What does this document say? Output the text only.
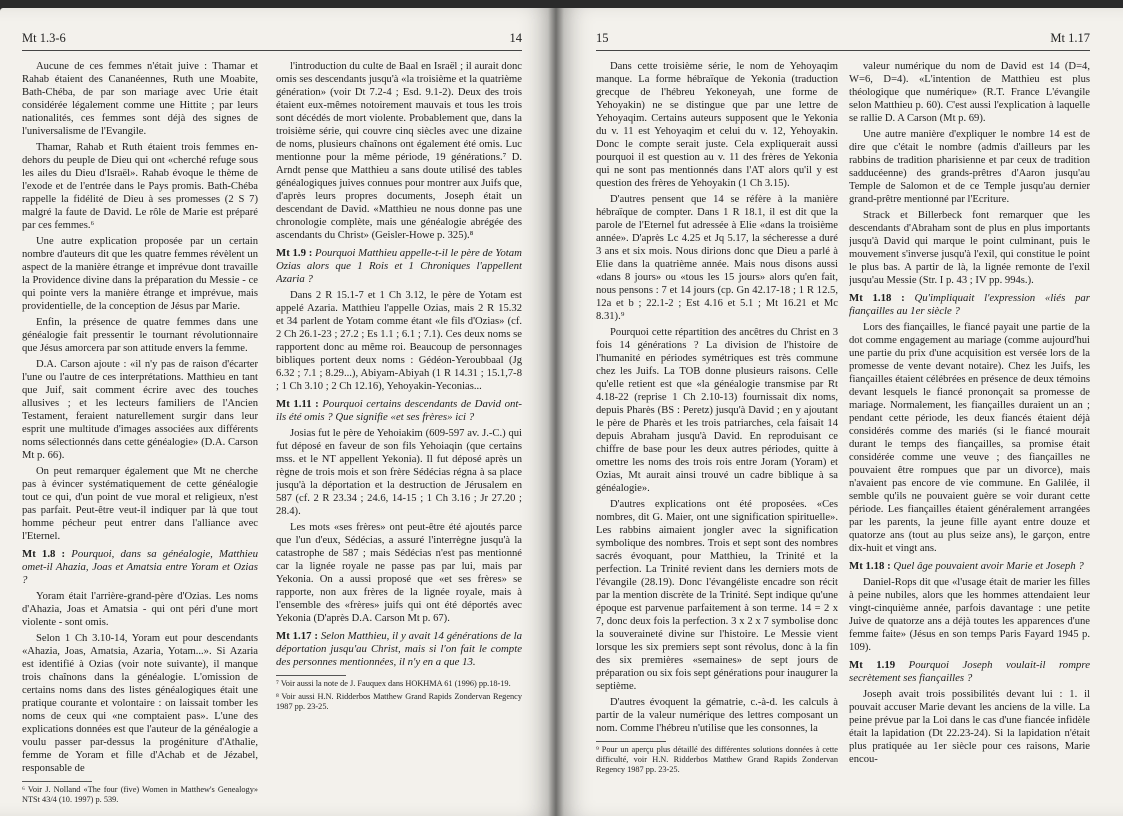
Mt 1.3-6	14	15	Mt 1.17

Aucune de ces femmes n'était juive : Thamar et Rahab étaient des Cananéennes, Ruth une Moabite, Bath-Chéba, de par son mariage avec Urie était considérée légalement comme une Hittite ; par leurs nationalités, ces femmes sont déjà des signes de l'universalisme de l'Evangile.

Thamar, Rahab et Ruth étaient trois femmes en-dehors du peuple de Dieu qui ont «cherché refuge sous les ailes du Dieu d'Israël». Rahab évoque le thème de l'exode et de l'entrée dans le Pays promis. Bath-Chéba rappelle la fidélité de Dieu à ses promesses (2 S 7) malgré la faute de David. Le rôle de Marie est préparé par ces femmes.⁶

Une autre explication proposée par un certain nombre d'auteurs dit que les quatre femmes révèlent un aspect de la manière étrange et imprévue dont travaille la Providence divine dans la préparation du Messie - ce qui pointe vers la manière étrange et imprévue, mais providentielle, de la conception de Jésus par Marie.

Enfin, la présence de quatre femmes dans une généalogie fait pressentir le tournant révolutionnaire que Jésus amorcera par son attitude envers la femme.

D.A. Carson ajoute : «il n'y pas de raison d'écarter l'une ou l'autre de ces interprétations. Matthieu en tant que Juif, sait comment écrire avec des touches allusives ; et les lecteurs familiers de l'Ancien Testament, feraient naturellement surgir dans leur esprit une multitude d'images associées aux différents noms sélectionnés dans cette généalogie» (D.A. Carson Mt p. 66).

On peut remarquer également que Mt ne cherche pas à évincer systématiquement de cette généalogie tout ce qui, d'un point de vue moral et religieux, n'est pas parfait. Peut-être veut-il indiquer par là que tout homme pécheur peut entrer dans l'alliance avec l'Eternel.

Mt 1.8 : Pourquoi, dans sa généalogie, Matthieu omet-il Ahazia, Joas et Amatsia entre Yoram et Ozias ?

Yoram était l'arrière-grand-père d'Ozias. Les noms d'Ahazia, Joas et Amatsia - qui ont péri d'une mort violente - sont omis.

Selon 1 Ch 3.10-14, Yoram eut pour descendants «Ahazia, Joas, Amatsia, Azaria, Yotam...». Si Azaria est identifié à Ozias (voir note suivante), il manque trois chaînons dans la généalogie. L'omission de certains noms dans des listes généalogiques était une pratique courante et volontaire : on laissait tomber les noms de ceux qui «ne comptaient pas». L'une des explications données est que l'auteur de la généalogie a voulu passer par-dessus la progéniture d'Athalie, femme de Yoram et fille d'Achab et de Jézabel, responsable de

⁶ Voir J. Nolland «The four (five) Women in Matthew's Genealogy» NTSt 43/4 (10. 1997) p. 539.

l'introduction du culte de Baal en Israël ; il aurait donc omis ses descendants jusqu'à «la troisième et la quatrième génération» (voir Dt 7.2-4 ; Esd. 9.1-2). Deux des trois étaient eux-mêmes notoirement mauvais et tous les trois sont décédés de mort violente. Probablement que, dans la troisième série, qui couvre cinq siècles avec une dizaine de noms, plusieurs chaînons ont également été omis. Luc mentionne pour la même période, 19 générations.⁷ D. Arndt pense que Matthieu a sans doute utilisé des tables généalogiques juives connues pour montrer aux Juifs que, d'après leurs propres documents, Joseph était un descendant de David. «Matthieu ne nous donne pas une chronologie complète, mais une généalogie abrégée des ascendants du Christ» (Geisler-Howe p. 325).⁸

Mt 1.9 : Pourquoi Matthieu appelle-t-il le père de Yotam Ozias alors que 1 Rois et 1 Chroniques l'appellent Azaria ?

Dans 2 R 15.1-7 et 1 Ch 3.12, le père de Yotam est appelé Azaria. Matthieu l'appelle Ozias, mais 2 R 15.32 et 34 parlent de Yotam comme étant «le fils d'Ozias» (cf. 2 Ch 26.1-23 ; 27.2 ; Es 1.1 ; 6.1 ; 7.1). Ces deux noms se rapportent donc au même roi. Beaucoup de personnages bibliques portent deux noms : Gédéon-Yeroubbaal (Jg 6.32 ; 7.1 ; 8.29...), Abiyam-Abiyah (1 R 14.31 ; 15.1,7-8 ; 1 Ch 3.10 ; 2 Ch 12.16), Yehoyakin-Yeconias...

Mt 1.11 : Pourquoi certains descendants de David ont-ils été omis ? Que signifie «et ses frères» ici ?

Josias fut le père de Yehoiakim (609-597 av. J.-C.) qui fut déposé en faveur de son fils Yehoiaqin (que certains mss. et le NT appellent Yekonia). Il fut déposé après un règne de trois mois et son frère Sédécias régna à sa place jusqu'à la déportation et la destruction de Jérusalem en 587 (cf. 2 R 23.34 ; 24.6, 14-15 ; 1 Ch 3.16 ; Jr 27.20 ; 28.4).

Les mots «ses frères» ont peut-être été ajoutés parce que l'un d'eux, Sédécias, a assuré l'interrègne jusqu'à la catastrophe de 587 ; mais Sédécias n'est pas mentionné car la lignée royale ne passe pas par lui, mais par Yekonia. On a aussi proposé que «et ses frères» se rapporte, non aux frères de la lignée royale, mais à l'ensemble des «frères» juifs qui ont été déportés avec Yekonia (D'après D.A. Carson Mt p. 67).

Mt 1.17 : Selon Matthieu, il y avait 14 générations de la déportation jusqu'au Christ, mais si l'on fait le compte des personnes mentionnées, il n'y en a que 13.

⁷ Voir aussi la note de J. Fauquex dans HOKHMA 61 (1996) pp.18-19.

⁸ Voir aussi H.N. Ridderbos Matthew Grand Rapids Zondervan Regency 1987 pp. 23-25.

Dans cette troisième série, le nom de Yehoyaqim manque. La forme hébraïque de Yekonia (traduction grecque de l'hébreu Yekoneyah, une forme de Yehoyakin) ne se distingue que par une lettre de Yehoyaqim. Certains auteurs supposent que le Yekonia du v. 11 est Yehoyaqim et celui du v. 12, Yehoyakin. Donc le compte serait juste. Cela expliquerait aussi pourquoi il est question au v. 11 des frères de Yekonia qui ne sont pas mentionnés dans l'AT alors qu'il y est question des frères de Yehoyakin (1 Ch 3.15).

D'autres pensent que 14 se réfère à la manière hébraïque de compter. Dans 1 R 18.1, il est dit que la parole de l'Eternel fut adressée à Elie «dans la troisième année». D'après Lc 4.25 et Jq 5.17, la sécheresse a duré 3 ans et six mois. Nous dirions donc que Dieu a parlé à Elie dans la quatrième année. Mais nous disons aussi «dans 8 jours» ou «tous les 15 jours» alors qu'en fait, nous pensons : 7 et 14 jours (cp. Gn 42.17-18 ; 1 R 12.5, 12a et b ; 22.1-2 ; Est 4.16 et 5.1 ; Mt 16.21 et Mc 8.31).⁹

Pourquoi cette répartition des ancêtres du Christ en 3 fois 14 générations ? La division de l'histoire de l'humanité en périodes symétriques est très commune chez les Juifs. La TOB donne plusieurs raisons. Celle qu'elle retient est que «la généalogie transmise par Rt 4.18-22 (reprise 1 Ch 2.10-13) fournissait dix noms, depuis Pharès (BS : Peretz) jusqu'à David ; en y ajoutant le père de Pharès et les trois patriarches, cela faisait 14 depuis Abraham jusqu'à David. En reproduisant ce chiffre de base pour les deux autres périodes, quitte à omettre les noms des trois rois entre Joram (Yoram) et Ozias, Mt aurait ainsi trouvé un cadre biblique à sa généalogie».

D'autres explications ont été proposées. «Ces nombres, dit G. Maier, ont une signification spirituelle». Les rabbins aimaient jongler avec la signification symbolique des nombres. Trois et sept sont des nombres sacrés évoquant, pour Matthieu, la Trinité et la perfection. La Trinité revient dans les derniers mots de l'évangile (28.19). Donc l'évangéliste encadre son récit par la mention discrète de la Trinité. Sept indique qu'une époque est parvenue parfaitement à son terme. 14 = 2 x 7, donc deux fois la perfection. 3 x 2 x 7 symbolise donc la souveraineté divine sur l'histoire. Le Messie vient lorsque les six premiers sept sont révolus, donc à la fin des six premières «semaines» de sept jours de préparation ou six fois sept générations pour inaugurer la septième.

D'autres évoquent la gématrie, c.-à-d. les calculs à partir de la valeur numérique des lettres composant un nom. Comme l'hébreu n'utilise que les consonnes, la

⁹ Pour un aperçu plus détaillé des différentes solutions données à cette difficulté, voir H.N. Ridderbos Matthew Grand Rapids Zondervan Regency 1987 pp. 23-25.

valeur numérique du nom de David est 14 (D=4, W=6, D=4). «L'intention de Matthieu est plus théologique que numérique» (R.T. France L'évangile selon Matthieu p. 60). C'est aussi l'explication à laquelle se rallie D. A Carson (Mt p. 69).

Une autre manière d'expliquer le nombre 14 est de dire que c'était le nombre (admis d'ailleurs par les rabbins de tradition pharisienne et par ceux de tradition sadducéenne) des grands-prêtres d'Aaron jusqu'au Temple de Salomon et de ce Temple jusqu'au dernier grand-prêtre mentionné par l'Ecriture.

Strack et Billerbeck font remarquer que les descendants d'Abraham sont de plus en plus importants jusqu'à David qui marque le point culminant, puis le mouvement s'inverse jusqu'à l'exil, qui constitue le point le plus bas. A partir de là, la lignée remonte de l'exil jusqu'au Messie (Str. I p. 43 ; IV pp. 994s.).

Mt 1.18 : Qu'impliquait l'expression «liés par fiançailles au 1er siècle ?

Lors des fiançailles, le fiancé payait une partie de la dot comme engagement au mariage (comme aujourd'hui une partie du prix d'une acquisition est versée lors de la promesse de vente devant notaire). Chez les Juifs, les fiançailles étaient célébrées en présence de deux témoins devant lesquels le fiancé prononçait sa promesse de mariage. Normalement, les fiançailles duraient un an ; pendant cette période, les deux fiancés étaient déjà considérés comme des mariés (si le fiancé mourait durant le temps des fiançailles, sa promise était considérée comme une veuve ; des fiançailles ne pouvaient être rompues que par un divorce), mais n'avaient pas encore de vie commune. En Galilée, il semble qu'ils ne pouvaient guère se voir durant cette période. Les fiançailles étaient généralement arrangées par les parents, la jeune fille ayant entre douze et quatorze ans (tout au plus seize ans), le garçon, entre dix-huit et vingt ans.

Mt 1.18 : Quel âge pouvaient avoir Marie et Joseph ?

Daniel-Rops dit que «l'usage était de marier les filles à peine nubiles, alors que les hommes attendaient leur vingt-cinquième année, parfois davantage : une petite Juive de quatorze ans a déjà toutes les apparences d'une femme faite» (Jésus en son temps Paris Fayard 1945 p. 109).

Mt 1.19 Pourquoi Joseph voulait-il rompre secrètement ses fiançailles ?

Joseph avait trois possibilités devant lui : 1. il pouvait accuser Marie devant les anciens de la ville. La peine prévue par la Loi dans le cas d'une fiancée infidèle était la lapidation (Dt 22.23-24). Si la lapidation n'était plus pratiquée au 1er siècle pour ces raisons, Marie encou-
